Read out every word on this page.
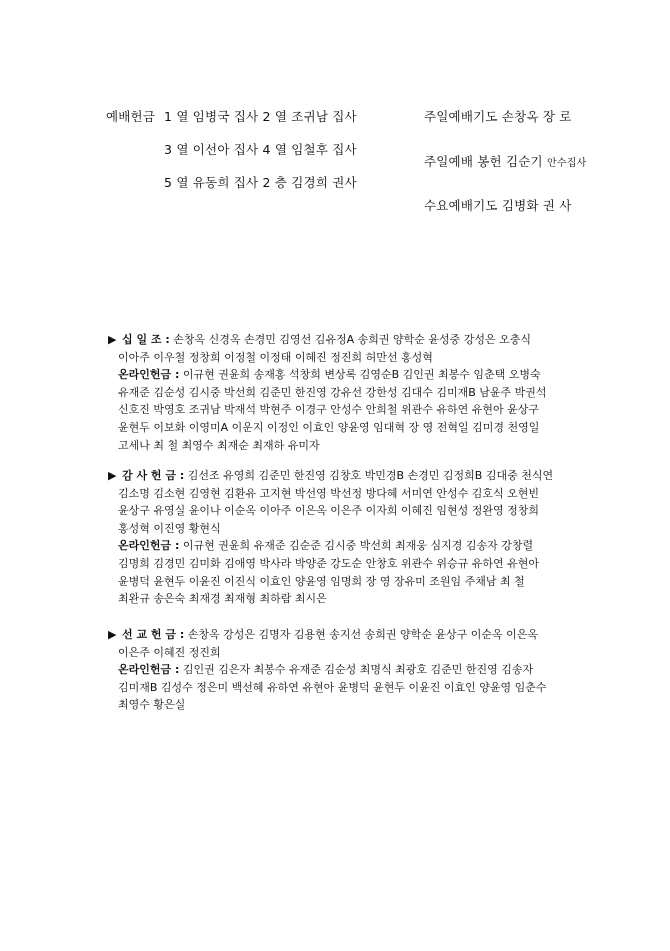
예배헌금 1 열 임병국 집사 2 열 조귀남 집사
3 열 이선아 집사 4 열 임철후 집사
5 열 유동희 집사 2 층 김경희 권사
주일예배기도 손창옥 장 로
주일예배 봉헌 김순기 안수집사
수요예배기도 김병화 권 사
▶ 십 일 조 : 손창옥 신경옥 손경민 김영선 김유정A 송희권 양학순 윤성중 강성은 오충식
이아주 이우철 정창희 이정철 이정태 이혜진 정진희 허만선 홍성혁
온라인헌금 : 이규현 권윤희 송재홍 석창희 변상록 김영순B 김인권 최봉수 임춘택 오병숙
유재준 김순성 김시중 박선희 김준민 한진영 강유선 강한성 김대수 김미재B 남윤주 박권석
신호진 박영호 조귀남 박재석 박현주 이경구 안성수 안희철 위관수 유하연 유현아 윤상구
윤현두 이보화 이영미A 이운지 이정인 이효인 양윤영 임대혁 장 영 전혁일 김미경 천영일
고세나 최 철 최영수 최재순 최재하 유미자
▶ 감 사 헌 금 : 김선조 유영희 김준민 한진영 김창호 박민경B 손경민 김정희B 김대중 천식연
김소명 김소현 김영현 김환유 고지현 박선영 박선정 방다혜 서미연 안성수 김호식 오현빈
윤상구 유영실 윤이나 이순옥 이아주 이은옥 이은주 이자희 이혜진 임현성 정완영 정창희
홍성혁 이진영 황현식
온라인헌금 : 이규현 권윤희 유재준 김순준 김시중 박선희 최재웅 심지경 김송자 강창렬
김명희 김경민 김미화 김애영 박사라 박양준 강도순 안창호 위관수 위승규 유하연 유현아
윤병덕 윤현두 이윤진 이진식 이효인 양윤영 임명희 장 영 장유미 조원임 주채남 최 철
최완규 송은숙 최재경 최재형 최하람 최시은
▶ 선 교 헌 금 : 손창옥 강성은 김명자 김용현 송지선 송희권 양학순 윤상구 이순옥 이은옥
이은주 이혜진 정진희
온라인헌금 : 김인권 김은자 최봉수 유재준 김순성 최명식 최광호 김준민 한진영 김송자
김미재B 김성수 정은미 백선혜 유하연 유현아 윤병덕 윤현두 이윤진 이효인 양윤영 임춘수
최영수 황은실
